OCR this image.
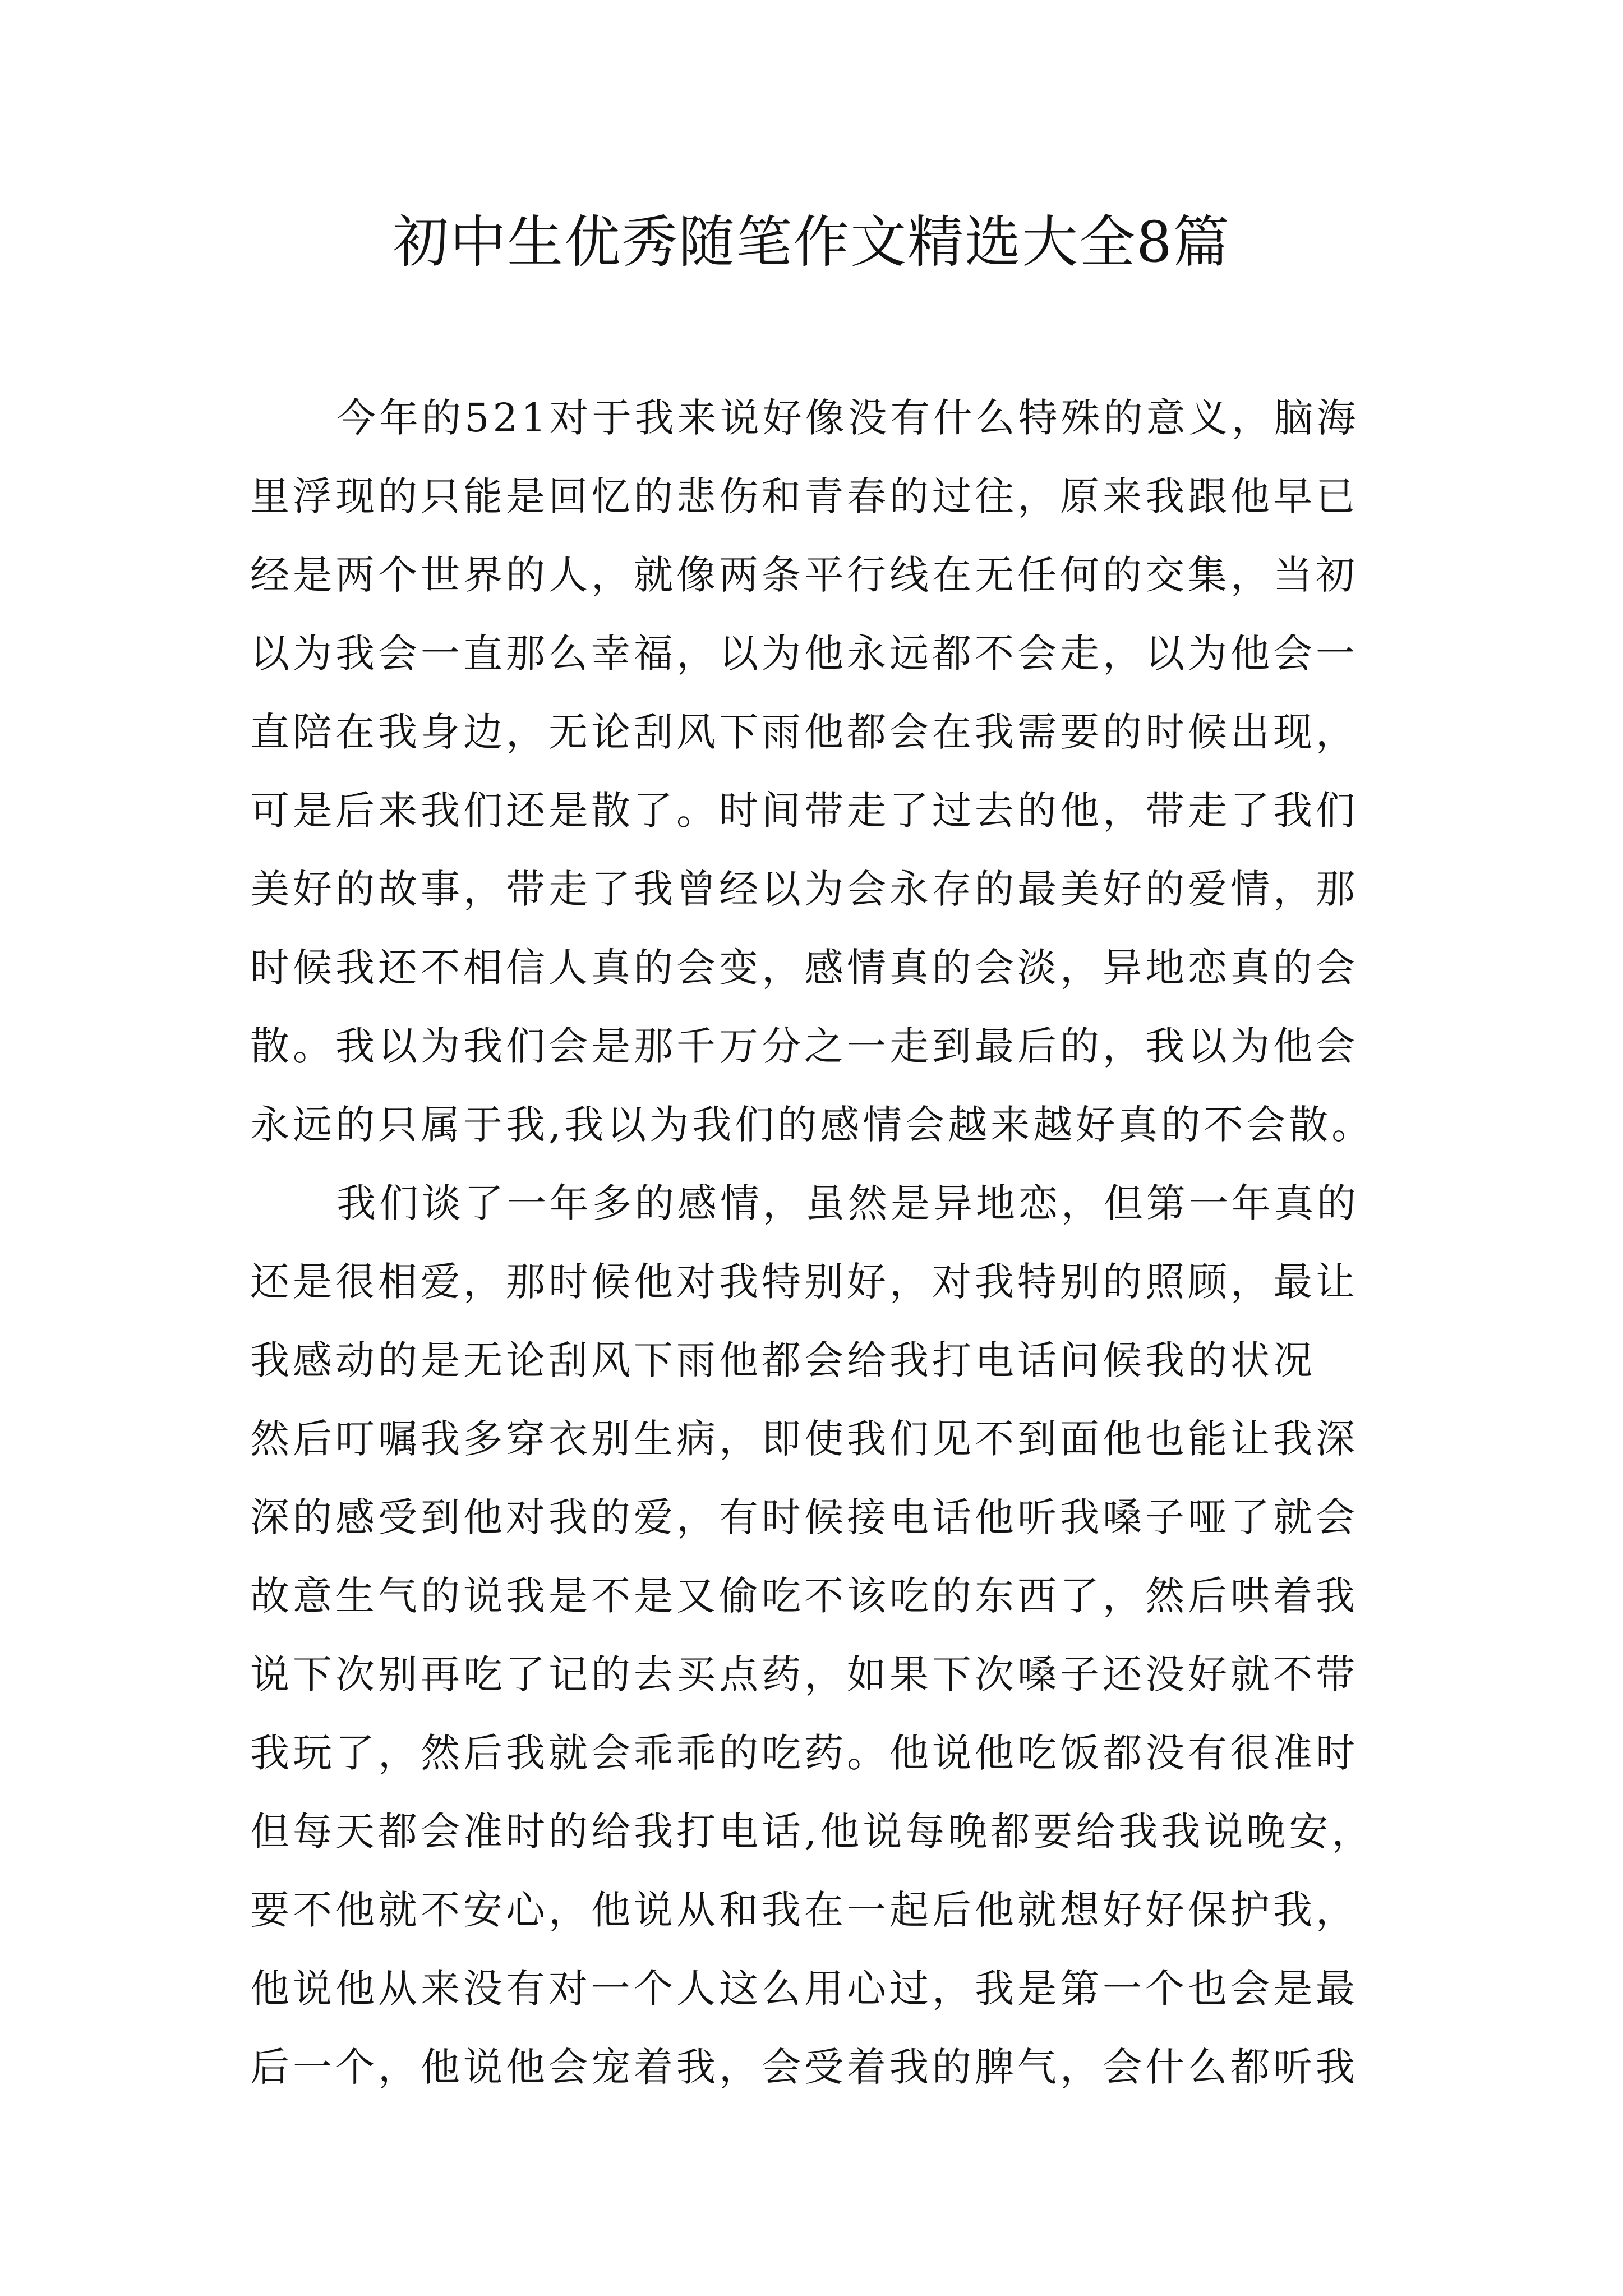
初中生优秀随笔作文精选大全8篇
今年的521对于我来说好像没有什么特殊的意义，脑海
里浮现的只能是回忆的悲伤和青春的过往，原来我跟他早已
经是两个世界的人，就像两条平行线在无任何的交集，当初
以为我会一直那么幸福，以为他永远都不会走，以为他会一
直陪在我身边，无论刮风下雨他都会在我需要的时候出现，
可是后来我们还是散了。时间带走了过去的他，带走了我们
美好的故事，带走了我曾经以为会永存的最美好的爱情，那
时候我还不相信人真的会变，感情真的会淡，异地恋真的会
散。我以为我们会是那千万分之一走到最后的，我以为他会
永远的只属于我,我以为我们的感情会越来越好真的不会散。
我们谈了一年多的感情，虽然是异地恋，但第一年真的
还是很相爱，那时候他对我特别好，对我特别的照顾，最让
我感动的是无论刮风下雨他都会给我打电话问候我的状况
然后叮嘱我多穿衣别生病，即使我们见不到面他也能让我深
深的感受到他对我的爱，有时候接电话他听我嗓子哑了就会
故意生气的说我是不是又偷吃不该吃的东西了，然后哄着我
说下次别再吃了记的去买点药，如果下次嗓子还没好就不带
我玩了，然后我就会乖乖的吃药。他说他吃饭都没有很准时
但每天都会准时的给我打电话,他说每晚都要给我我说晚安，
要不他就不安心，他说从和我在一起后他就想好好保护我，
他说他从来没有对一个人这么用心过，我是第一个也会是最
后一个，他说他会宠着我，会受着我的脾气，会什么都听我
